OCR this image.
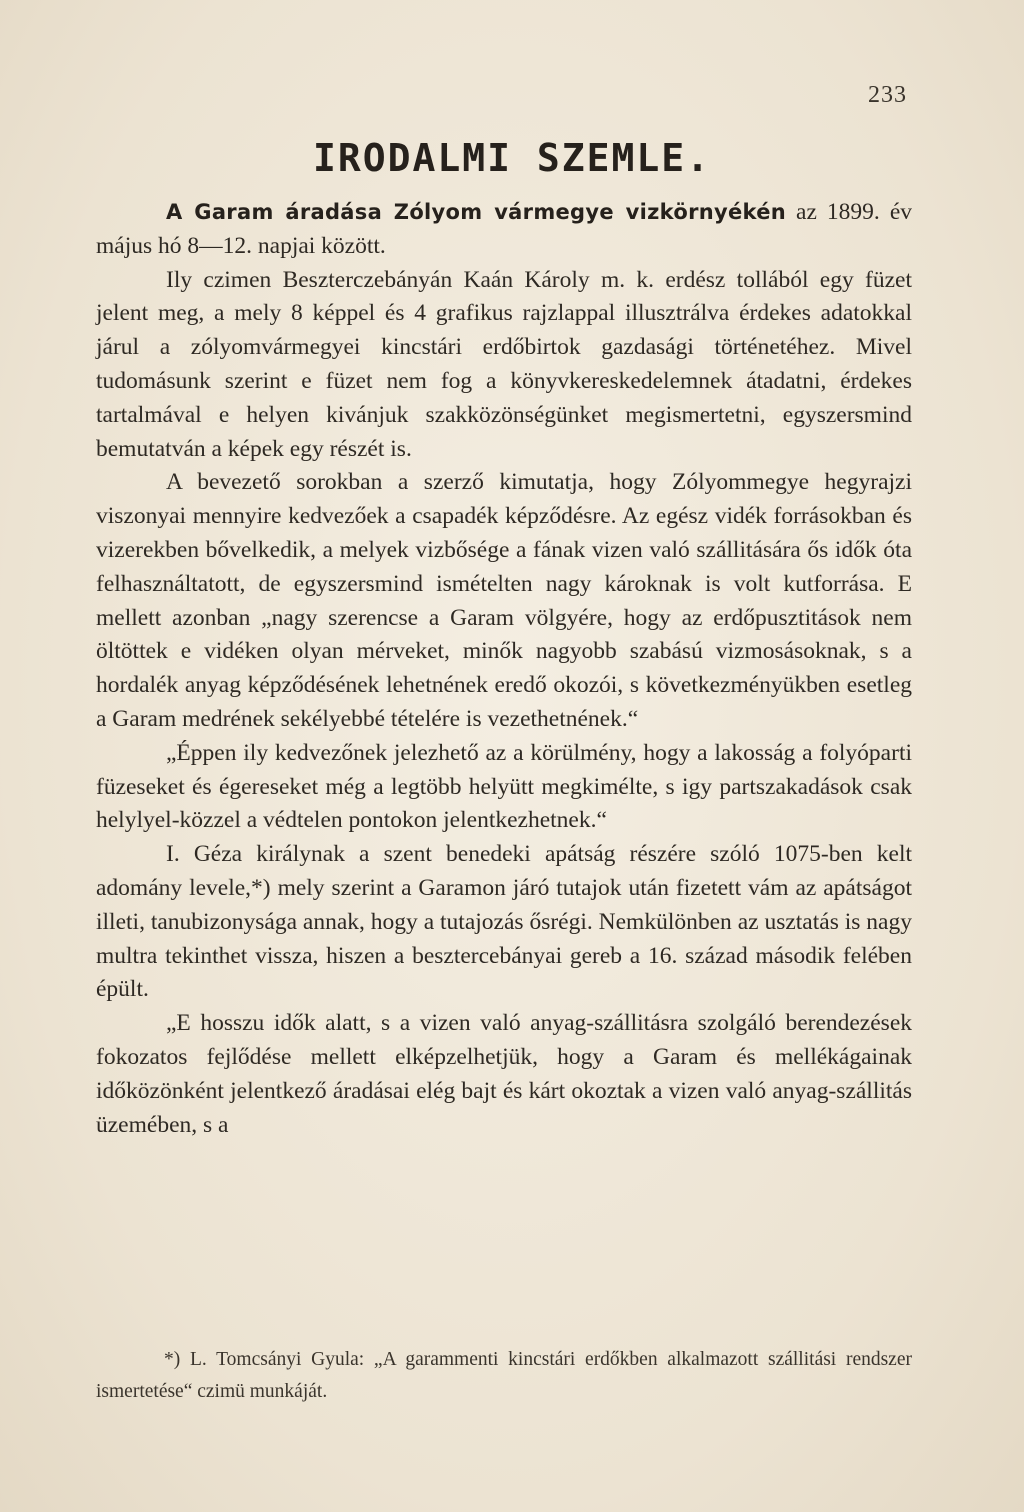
233
IRODALMI SZEMLE.

A Garam áradása Zólyom vármegye vizkörnyékén az 1899. év május hó 8—12. napjai között.

Ily czimen Beszterczebányán Kaán Károly m. k. erdész tollából egy füzet jelent meg, a mely 8 képpel és 4 grafikus rajzlappal illusztrálva érdekes adatokkal járul a zólyomvármegyei kincstári erdőbirtok gazdasági történetéhez. Mivel tudomásunk szerint e füzet nem fog a könyvkereskedelemnek átadatni, érdekes tartalmával e helyen kivánjuk szakközönségünket megismertetni, egyszersmind bemutatván a képek egy részét is.

A bevezető sorokban a szerző kimutatja, hogy Zólyommegye hegyrajzi viszonyai mennyire kedvezőek a csapadék képződésre. Az egész vidék forrásokban és vizerekben bővelkedik, a melyek vizbősége a fának vizen való szállitására ős idők óta felhasználtatott, de egyszersmind ismételten nagy károknak is volt kutforrása. E mellett azonban „nagy szerencse a Garam völgyére, hogy az erdőpusztitások nem öltöttek e vidéken olyan mérveket, minők nagyobb szabású vizmosásoknak, s a hordalék anyag képződésének lehetnének eredő okozói, s következményükben esetleg a Garam medrének sekélyebbé tételére is vezethetnének.“

„Éppen ily kedvezőnek jelezhető az a körülmény, hogy a lakosság a folyóparti füzeseket és égereseket még a legtöbb helyütt megkimélte, s igy partszakadások csak helylyel-közzel a védtelen pontokon jelentkezhetnek.“

I. Géza királynak a szent benedeki apátság részére szóló 1075-ben kelt adomány levele,*) mely szerint a Garamon járó tutajok után fizetett vám az apátságot illeti, tanubizonysága annak, hogy a tutajozás ősrégi. Nemkülönben az usztatás is nagy multra tekinthet vissza, hiszen a besztercebányai gereb a 16. század második felében épült.

„E hosszu idők alatt, s a vizen való anyag-szállitásra szolgáló berendezések fokozatos fejlődése mellett elképzelhetjük, hogy a Garam és mellékágainak időközönként jelentkező áradásai elég bajt és kárt okoztak a vizen való anyag-szállitás üzemében, s a

*) L. Tomcsányi Gyula: „A garammenti kincstári erdőkben alkalmazott szállitási rendszer ismertetése“ czimü munkáját.
